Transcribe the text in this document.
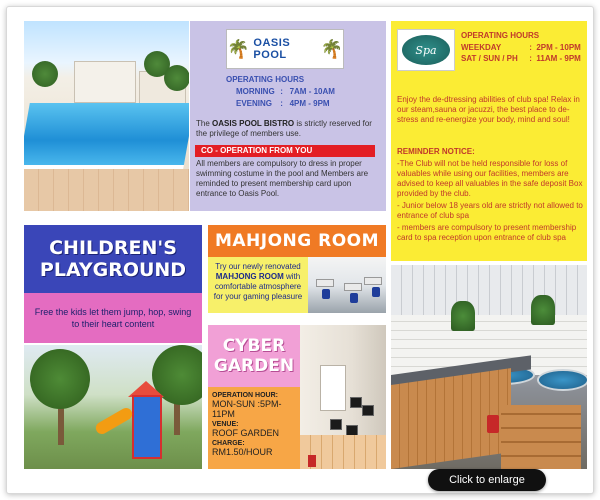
🌴 OASIS POOL	🌴
OPERATING HOURS
MORNING : 7AM - 10AM
EVENING : 4PM - 9PM
The OASIS POOL BISTRO is strictly reserved for the privilege of members use.
CO - OPERATION FROM YOU
All members are compulsory to dress in proper swimming costume in the pool and Members are reminded to present membership card upon entrance to Oasis Pool.
Spa
OPERATING HOURS
WEEKDAY	: 2PM - 10PM
SAT / SUN / PH : 11AM - 9PM
Enjoy the de-dtressing abilities of club spa! Relax in our steam,sauna or jacuzzi, the best place to de-stress and re-energize your body, mind and soul!
REMINDER NOTICE:
-The Club will not be held responsible for loss of valuables while using our facilities, members are advised to keep all valuables in the safe deposit Box provided by the club.
- Junior below 18 years old are strictly not allowed to entrance of club spa
- members are compulsory to present membership card to spa reception upon entrance of club spa
CHILDREN'S PLAYGROUND
Free the kids let them jump, hop, swing to their heart content
MAHJONG ROOM
Try our newly renovated MAHJONG ROOM with comfortable atmosphere for your gaming pleasure
CYBER
GARDEN
OPERATION HOUR:
MON-SUN :5PM-11PM
VENUE:
ROOF GARDEN
CHARGE:
RM1.50/HOUR
Click to enlarge
